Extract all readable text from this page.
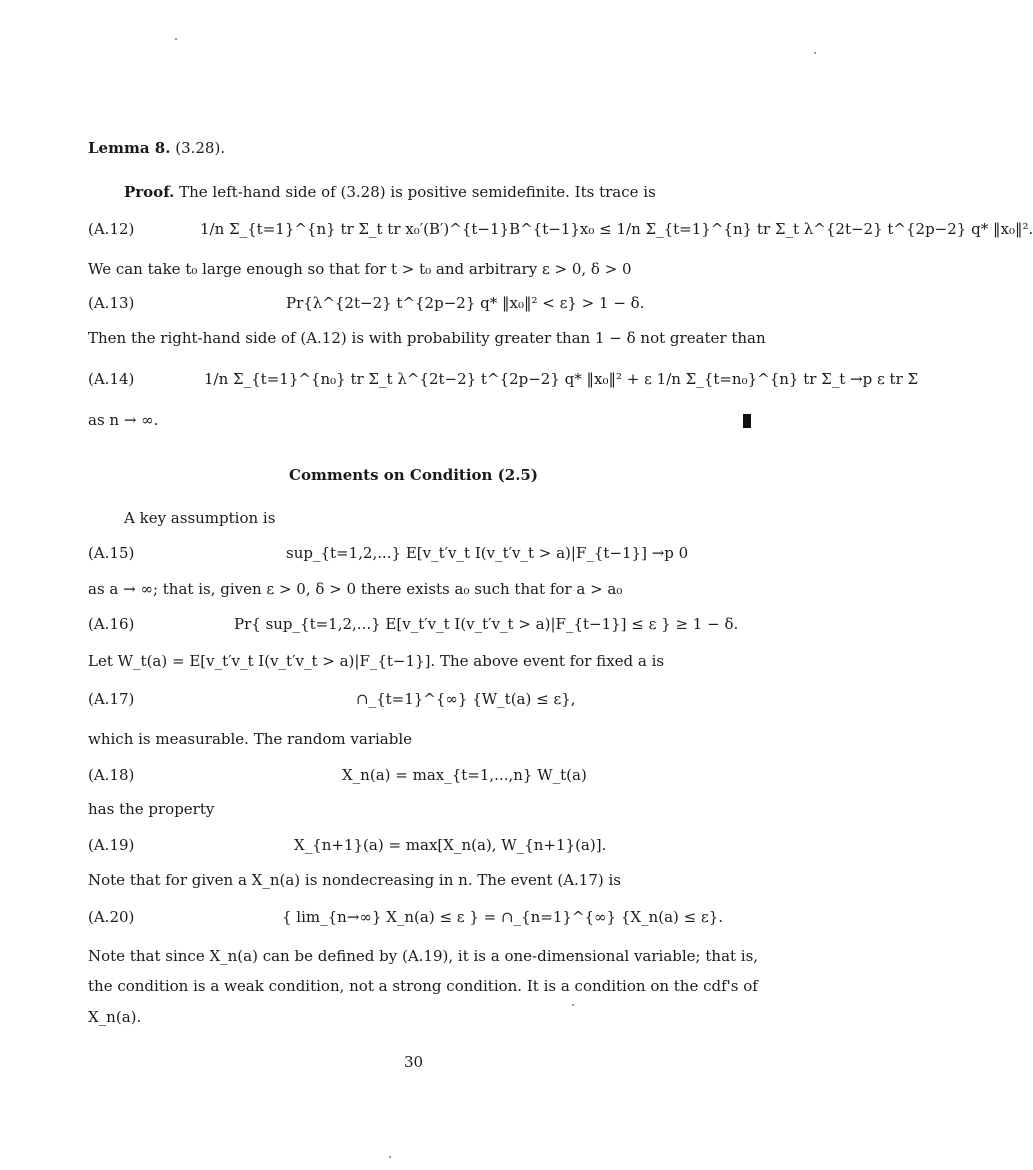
Lemma 8. (3.28).
Proof. The left-hand side of (3.28) is positive semidefinite. Its trace is
(A.12)	1/n Σ_{t=1}^{n} tr Σ_t tr x₀′(B′)^{t−1}B^{t−1}x₀ ≤ 1/n Σ_{t=1}^{n} tr Σ_t λ^{2t−2} t^{2p−2} q* ‖x₀‖².
We can take t₀ large enough so that for t > t₀ and arbitrary ε > 0, δ > 0
(A.13)	Pr{λ^{2t−2} t^{2p−2} q* ‖x₀‖² < ε} > 1 − δ.
Then the right-hand side of (A.12) is with probability greater than 1 − δ not greater than
(A.14)	1/n Σ_{t=1}^{n₀} tr Σ_t λ^{2t−2} t^{2p−2} q* ‖x₀‖² + ε 1/n Σ_{t=n₀}^{n} tr Σ_t →p ε tr Σ
as n → ∞.
Comments on Condition (2.5)
A key assumption is
(A.15)	sup_{t=1,2,...} E[v_t′v_t I(v_t′v_t > a)|F_{t−1}] →p 0
as a → ∞; that is, given ε > 0, δ > 0 there exists a₀ such that for a > a₀
(A.16)	Pr{ sup_{t=1,2,...} E[v_t′v_t I(v_t′v_t > a)|F_{t−1}] ≤ ε } ≥ 1 − δ.
Let W_t(a) = E[v_t′v_t I(v_t′v_t > a)|F_{t−1}]. The above event for fixed a is
(A.17)	∩_{t=1}^{∞} {W_t(a) ≤ ε},
which is measurable. The random variable
(A.18)	X_n(a) = max_{t=1,...,n} W_t(a)
has the property
(A.19)	X_{n+1}(a) = max[X_n(a), W_{n+1}(a)].
Note that for given a X_n(a) is nondecreasing in n. The event (A.17) is
(A.20)	{ lim_{n→∞} X_n(a) ≤ ε } = ∩_{n=1}^{∞} {X_n(a) ≤ ε}.
Note that since X_n(a) can be defined by (A.19), it is a one-dimensional variable; that is,
the condition is a weak condition, not a strong condition. It is a condition on the cdf's of
X_n(a).
30
